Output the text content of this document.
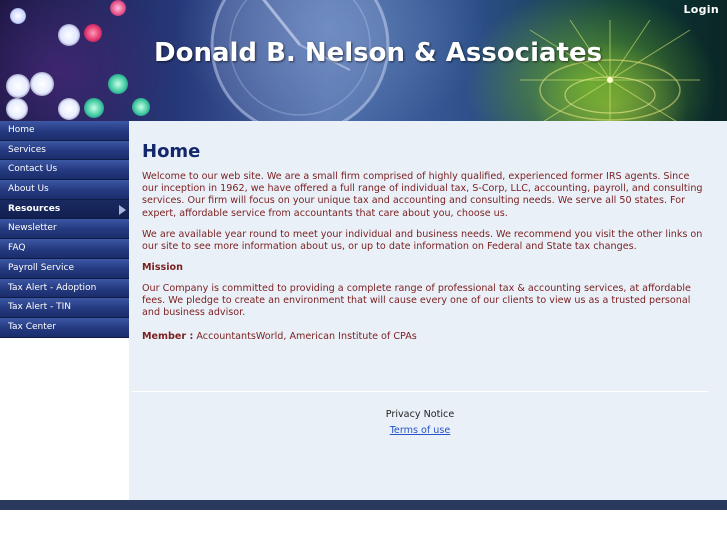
Login
Donald B. Nelson & Associates
Home
Services
Contact Us
About Us
Resources
Newsletter
FAQ
Payroll Service
Tax Alert - Adoption
Tax Alert - TIN
Tax Center
Home

Welcome to our web site. We are a small firm comprised of highly qualified, experienced former IRS agents. Since our inception in 1962, we have offered a full range of individual tax, S-Corp, LLC, accounting, payroll, and consulting services. Our firm will focus on your unique tax and accounting and consulting needs. We serve all 50 states. For expert, affordable service from accountants that care about you, choose us.

We are available year round to meet your individual and business needs. We recommend you visit the other links on our site to see more information about us, or up to date information on Federal and State tax changes.

Mission

Our Company is committed to providing a complete range of professional tax & accounting services, at affordable fees. We pledge to create an environment that will cause every one of our clients to view us as a trusted personal and business advisor.

Member : AccountantsWorld, American Institute of CPAs
Privacy Notice
Terms of use
